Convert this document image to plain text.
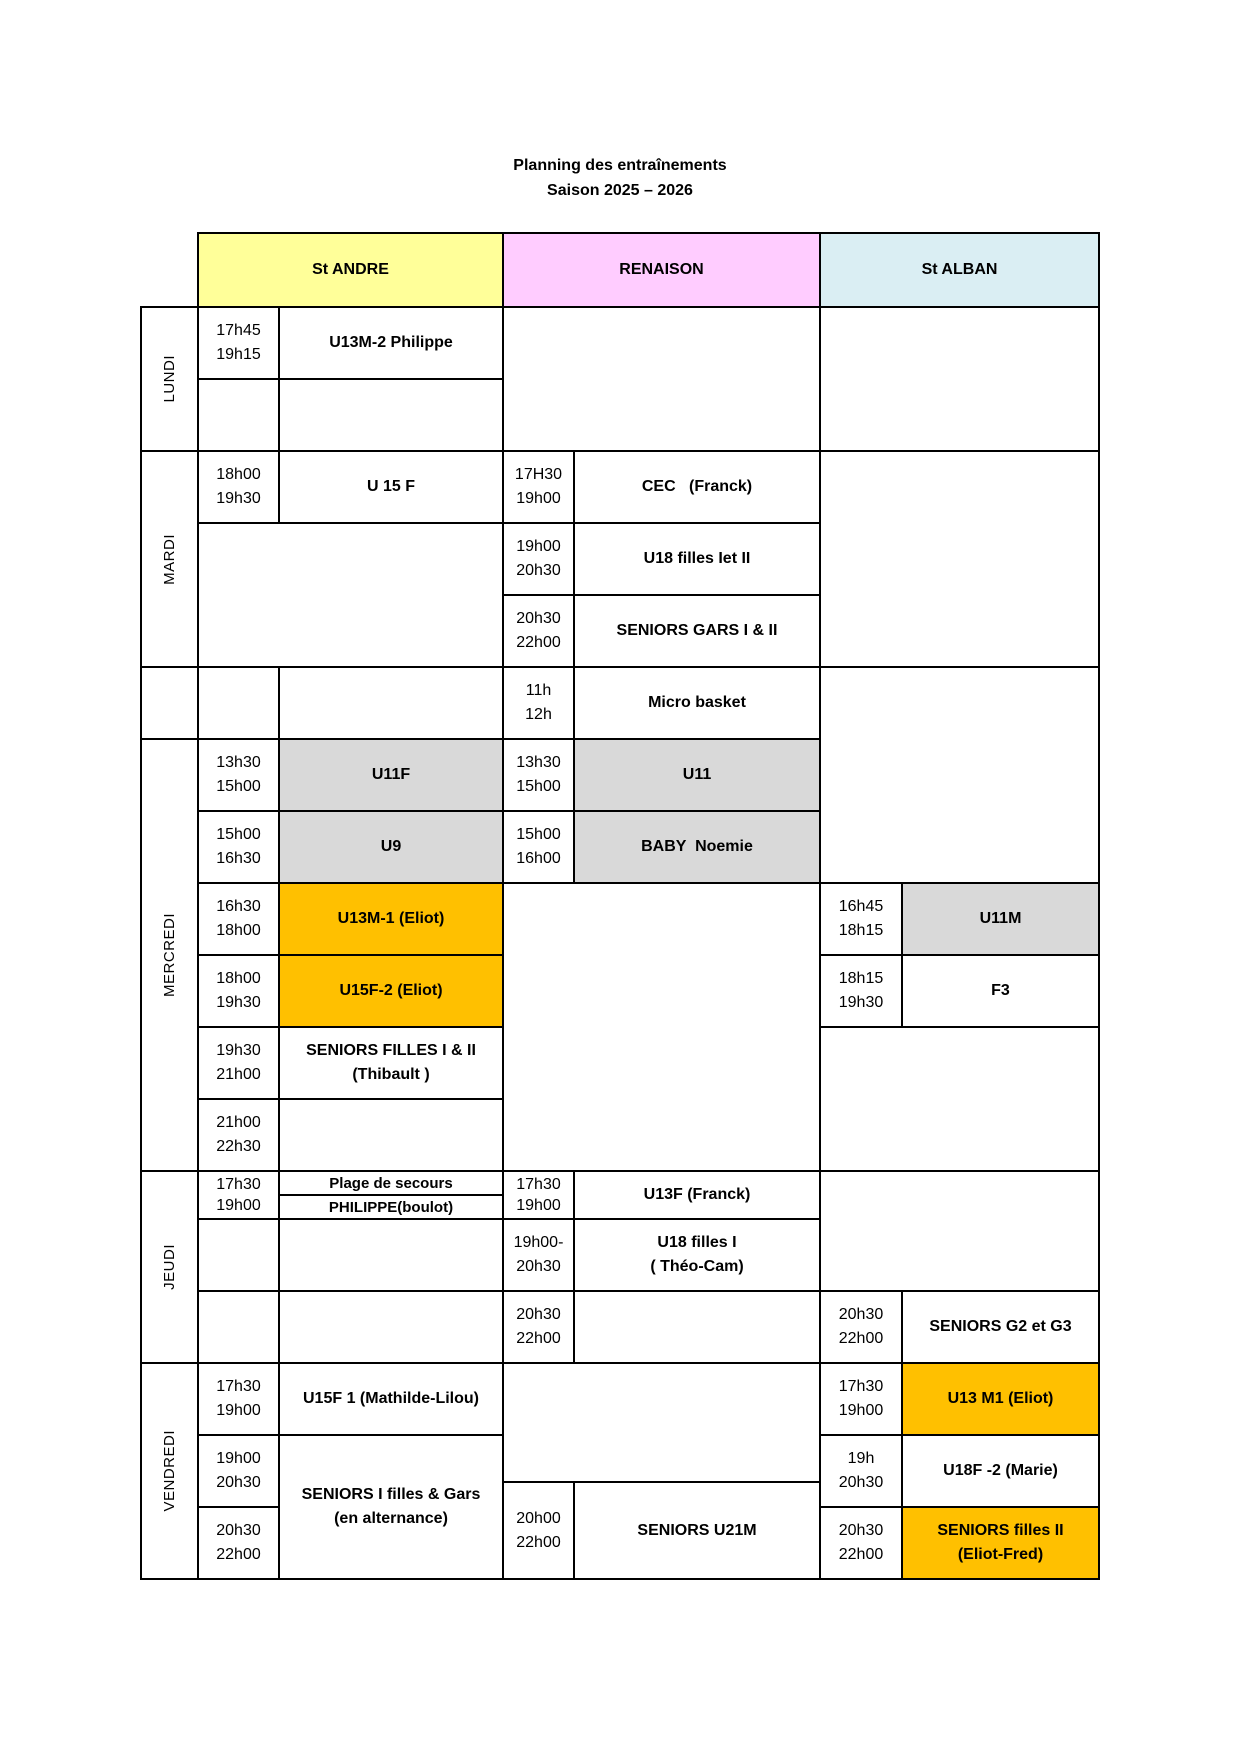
Planning des entraînements
Saison 2025 – 2026
St ANDRE	RENAISON	St ALBAN
LUNDI
MARDI
MERCREDI
JEUDI
VENDREDI
17h45
19h15
U13M-2 Philippe
18h00
19h30
U 15 F
13h30
15h00
U11F
15h00
16h30
U9
16h30
18h00
U13M-1 (Eliot)
18h00
19h30
U15F-2 (Eliot)
19h30
21h00
SENIORS FILLES I & II
(Thibault )
21h00
22h30
17h30
19h00
Plage de secours
PHILIPPE(boulot)
17h30
19h00
U15F 1 (Mathilde-Lilou)
19h00
20h30
20h30
22h00
SENIORS I filles & Gars
(en alternance)
17H30
19h00
CEC   (Franck)
19h00
20h30
U18 filles Iet II
20h30
22h00
SENIORS GARS I & II
11h
12h
Micro basket
13h30
15h00
U11
15h00
16h00
BABY  Noemie
17h30
19h00
U13F (Franck)
19h00-
20h30
U18 filles I
( Théo-Cam)
20h30
22h00
20h00
22h00
SENIORS U21M
16h45
18h15
U11M
18h15
19h30
F3
20h30
22h00
SENIORS G2 et G3
17h30
19h00
U13 M1 (Eliot)
19h
20h30
U18F -2 (Marie)
20h30
22h00
SENIORS filles II
(Eliot-Fred)
